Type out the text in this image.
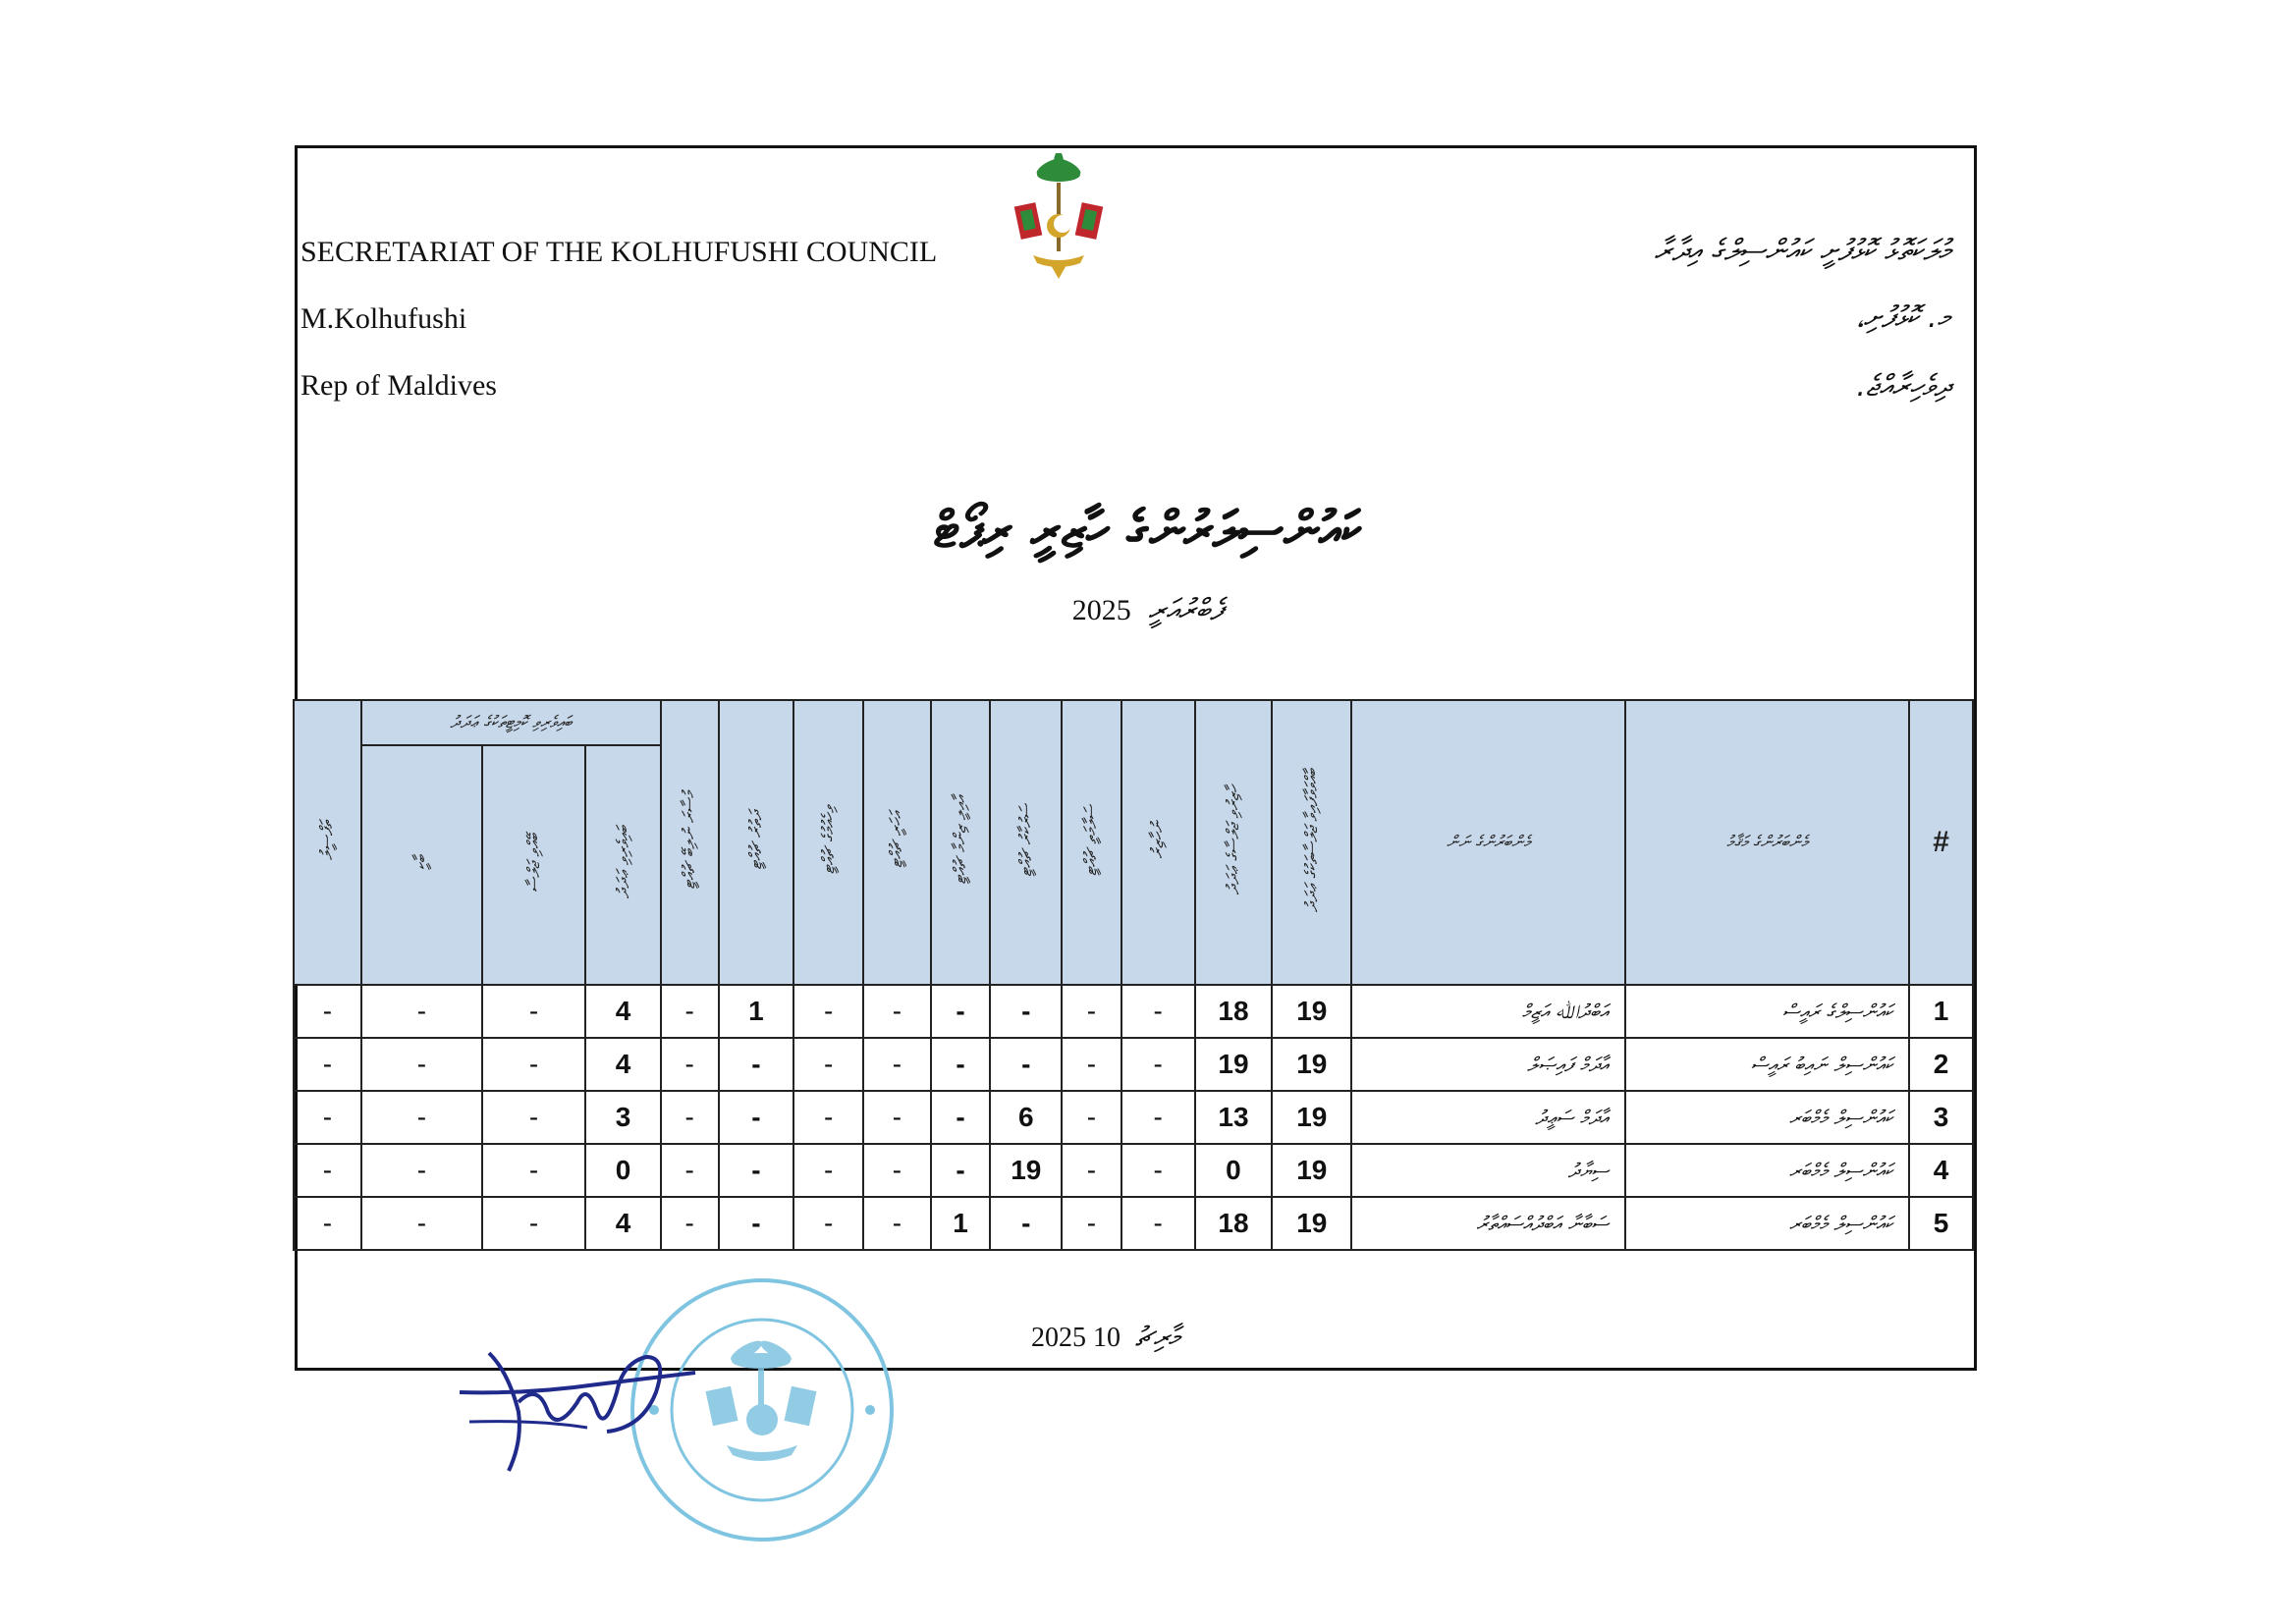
SECRETARIAT OF THE KOLHUFUSHI COUNCIL
M.Kolhufushi
Rep of Maldives
މުލަކަތޮޅު ކޮޅުފުށީ ކައުންސިލްގެ އިދާރާ
މ. ކޮޅުފުށި،
ދިވެހިރާއްޖެ.
ކައުންސިލަރުންގެ ހާޒިރީ ރިޕޯޓް
2025 ފެބްރުއަރީ
ތަފްސީލު	ބައިވެރިވި ކޮމިޓީތަކުގެ ޢަދަދު			މުސާރަ ނުލިބޭ ޗުއްޓީ	ދަތުރު ޗުއްޓީ	ވިހެއުމުގެ ޗުއްޓީ	އަހަރީ ޗުއްޓީ	އާއިލީ ޒިންމާ ޗުއްޓީ	ސަރުކާރު ޗުއްޓީ	ސަލާމަތީ ޗުއްޓީ	ނުހާޒިރު	ހާޒިރުވި ޖަލްސާގެ ޢަދަދު	ބާއްވަވާފައިވާ ޖަލްސާތަކުގެ ޢަދަދު	މެންބަރުންގެ ނަން	މެންބަރުންގެ މަޤާމު	#
	ބާކީ	ބޭއްވި ޖަލްސާ	ބައިވެރިވި ޢަދަދު													
-	-	-	4	-	1	-	-	-	-	-	-	18	19	އަބްދުﷲ އަޒީމް	ކައުންސިލްގެ ރައީސް	1
-	-	-	4	-	-	-	-	-	-	-	-	19	19	އާދަމް ފައިޞަލް	ކައުންސިލް ނައިބު ރައީސް	2
-	-	-	3	-	-	-	-	-	6	-	-	13	19	އާދަމް ސަޢީދު	ކައުންސިލް މެމްބަރ	3
-	-	-	0	-	-	-	-	-	19	-	-	0	19	ސިޔާދު	ކައުންސިލް މެމްބަރ	4
-	-	-	4	-	-	-	-	1	-	-	-	18	19	ސަބާނާ އަބްދުއްސައްތާރު	ކައުންސިލް މެމްބަރ	5
2025 މާރިޗު 10
